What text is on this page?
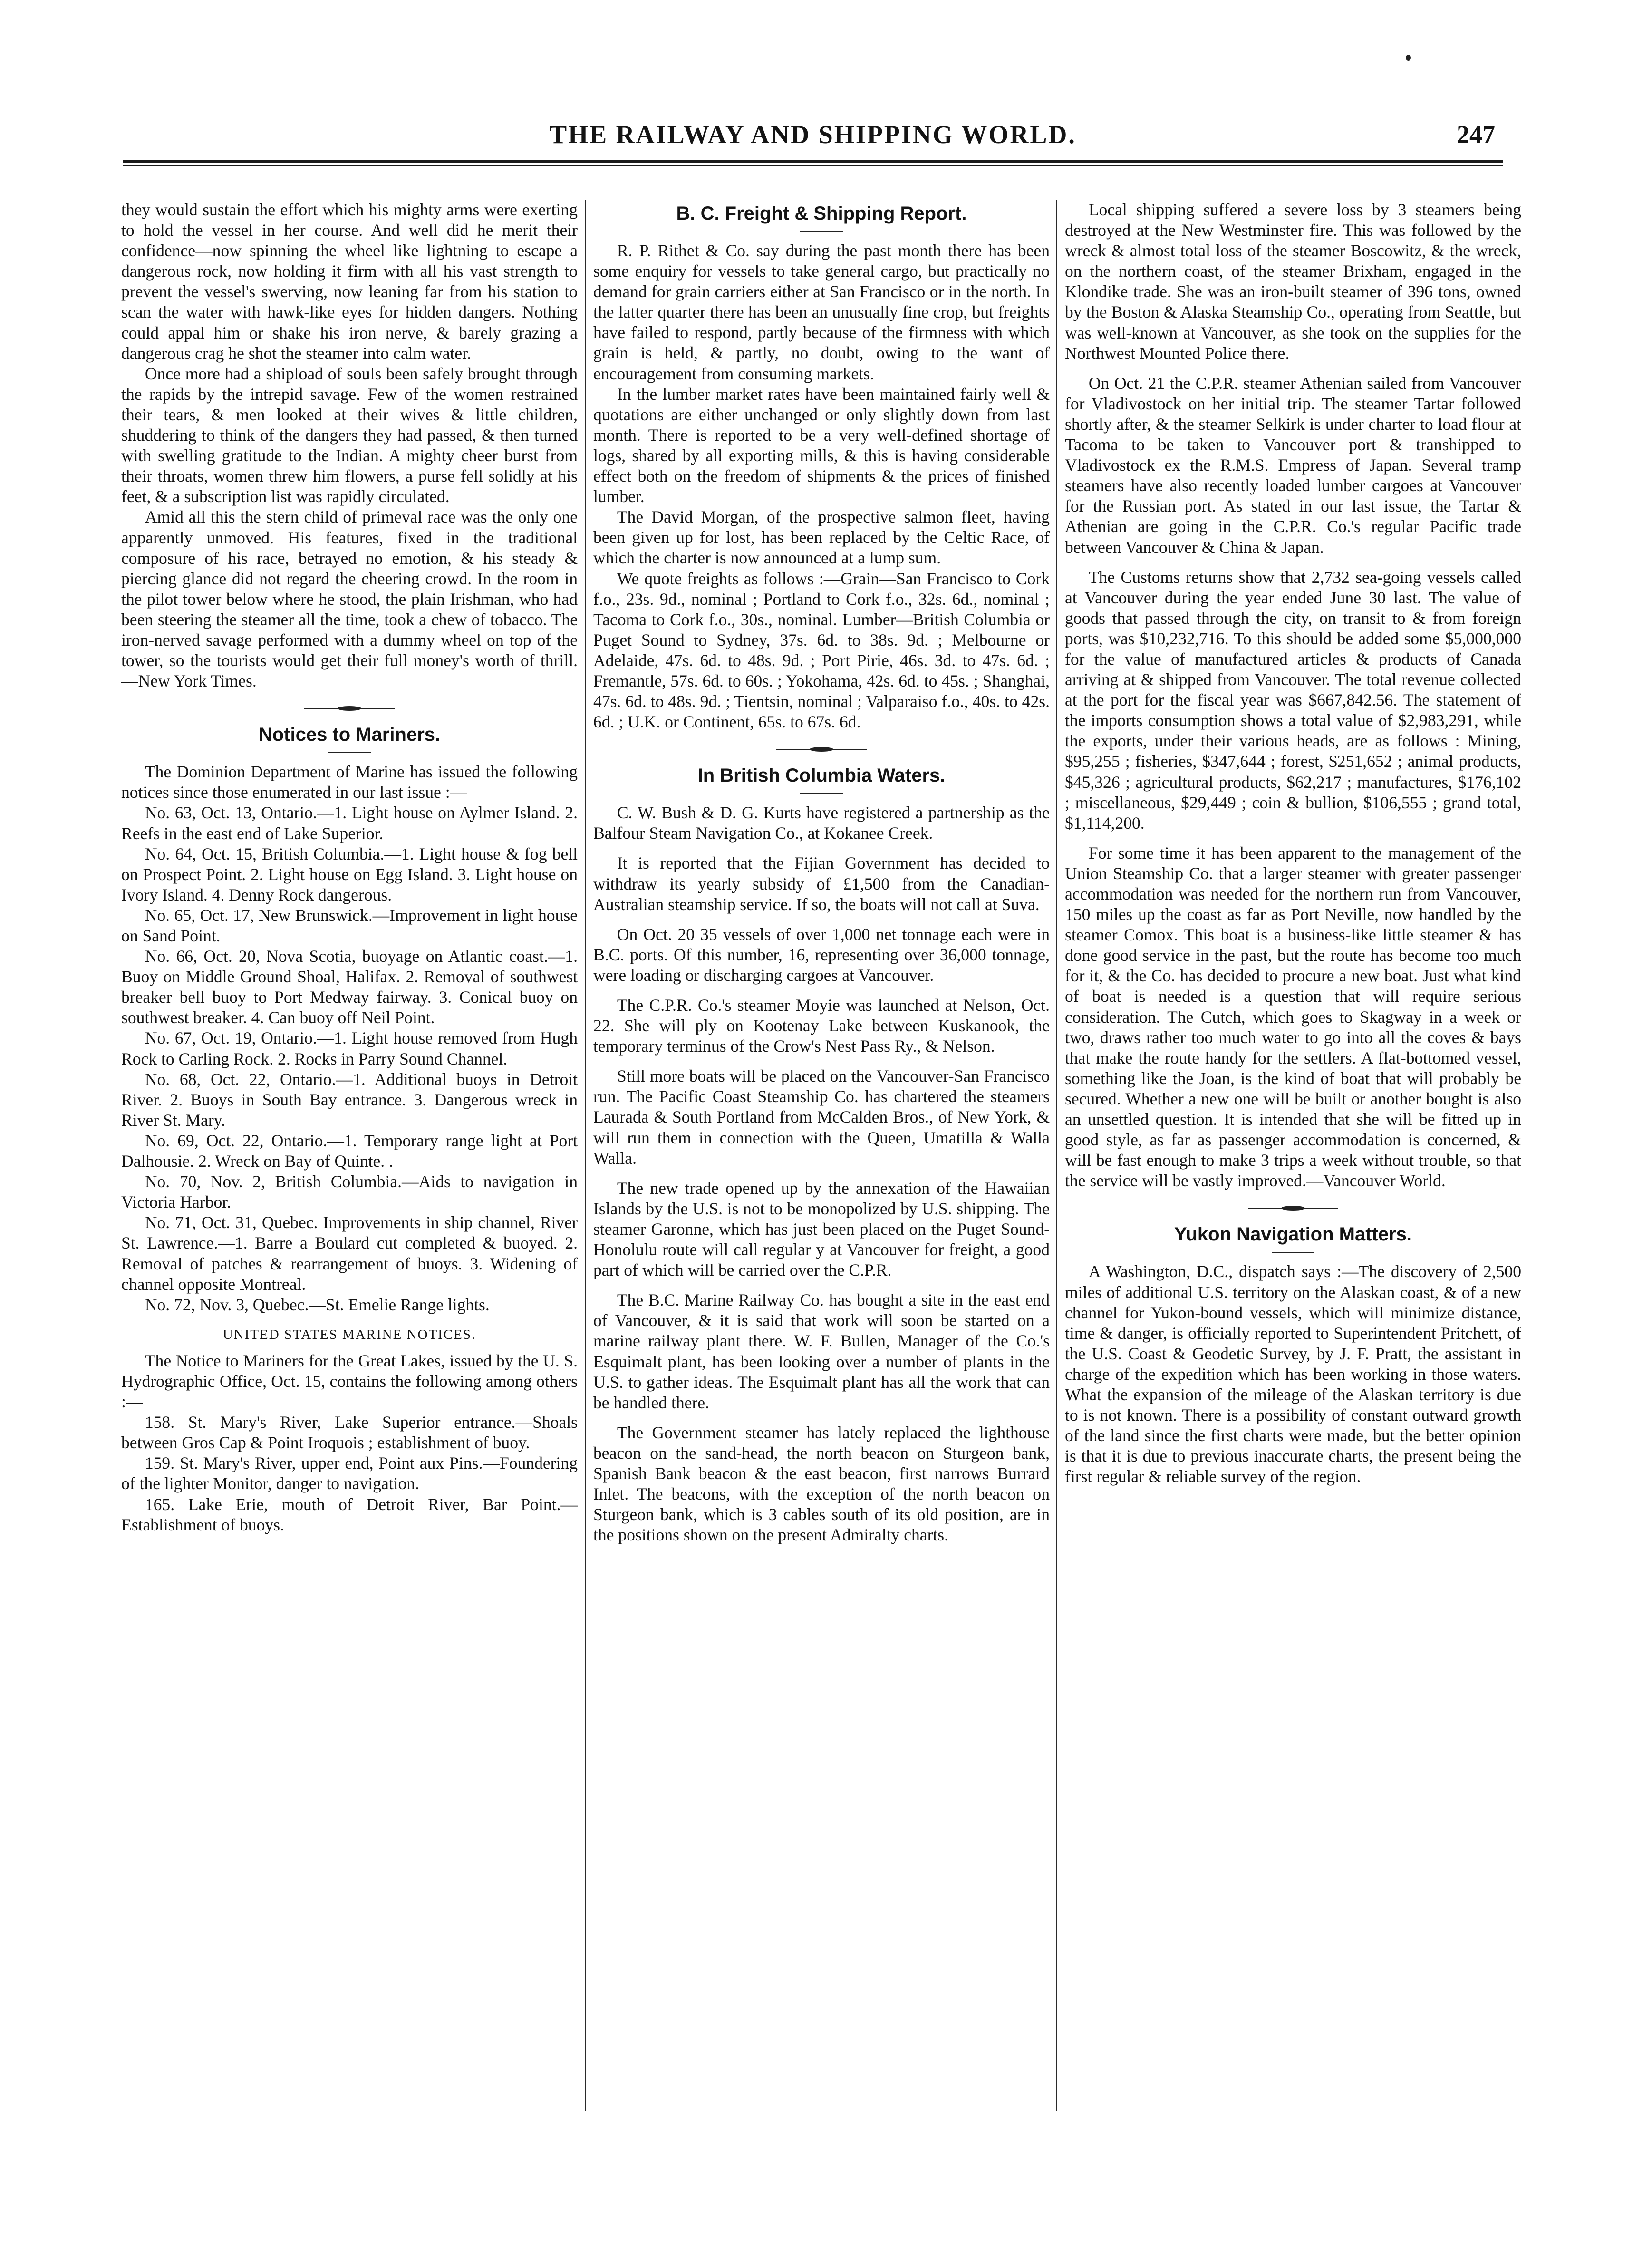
THE RAILWAY AND SHIPPING WORLD.	247

they would sustain the effort which his mighty arms were exerting to hold the vessel in her course. And well did he merit their confidence—now spinning the wheel like lightning to escape a dangerous rock, now holding it firm with all his vast strength to prevent the vessel's swerving, now leaning far from his station to scan the water with hawk-like eyes for hidden dangers. Nothing could appal him or shake his iron nerve, & barely grazing a dangerous crag he shot the steamer into calm water.

Once more had a shipload of souls been safely brought through the rapids by the intrepid savage. Few of the women restrained their tears, & men looked at their wives & little children, shuddering to think of the dangers they had passed, & then turned with swelling gratitude to the Indian. A mighty cheer burst from their throats, women threw him flowers, a purse fell solidly at his feet, & a subscription list was rapidly circulated.

Amid all this the stern child of primeval race was the only one apparently unmoved. His features, fixed in the traditional composure of his race, betrayed no emotion, & his steady & piercing glance did not regard the cheering crowd. In the room in the pilot tower below where he stood, the plain Irishman, who had been steering the steamer all the time, took a chew of tobacco. The iron-nerved savage performed with a dummy wheel on top of the tower, so the tourists would get their full money's worth of thrill. —New York Times.

Notices to Mariners.

The Dominion Department of Marine has issued the following notices since those enumerated in our last issue :—

No. 63, Oct. 13, Ontario.—1. Light house on Aylmer Island. 2. Reefs in the east end of Lake Superior.

No. 64, Oct. 15, British Columbia.—1. Light house & fog bell on Prospect Point. 2. Light house on Egg Island. 3. Light house on Ivory Island. 4. Denny Rock dangerous.

No. 65, Oct. 17, New Brunswick.—Improvement in light house on Sand Point.

No. 66, Oct. 20, Nova Scotia, buoyage on Atlantic coast.—1. Buoy on Middle Ground Shoal, Halifax. 2. Removal of southwest breaker bell buoy to Port Medway fairway. 3. Conical buoy on southwest breaker. 4. Can buoy off Neil Point.

No. 67, Oct. 19, Ontario.—1. Light house removed from Hugh Rock to Carling Rock. 2. Rocks in Parry Sound Channel.

No. 68, Oct. 22, Ontario.—1. Additional buoys in Detroit River. 2. Buoys in South Bay entrance. 3. Dangerous wreck in River St. Mary.

No. 69, Oct. 22, Ontario.—1. Temporary range light at Port Dalhousie. 2. Wreck on Bay of Quinte. .

No. 70, Nov. 2, British Columbia.—Aids to navigation in Victoria Harbor.

No. 71, Oct. 31, Quebec. Improvements in ship channel, River St. Lawrence.—1. Barre a Boulard cut completed & buoyed. 2. Removal of patches & rearrangement of buoys. 3. Widening of channel opposite Montreal.

No. 72, Nov. 3, Quebec.—St. Emelie Range lights.

UNITED STATES MARINE NOTICES.

The Notice to Mariners for the Great Lakes, issued by the U. S. Hydrographic Office, Oct. 15, contains the following among others :—

158. St. Mary's River, Lake Superior entrance.—Shoals between Gros Cap & Point Iroquois ; establishment of buoy.

159. St. Mary's River, upper end, Point aux Pins.—Foundering of the lighter Monitor, danger to navigation.

165. Lake Erie, mouth of Detroit River, Bar Point.—Establishment of buoys.

B. C. Freight & Shipping Report.

R. P. Rithet & Co. say during the past month there has been some enquiry for vessels to take general cargo, but practically no demand for grain carriers either at San Francisco or in the north. In the latter quarter there has been an unusually fine crop, but freights have failed to respond, partly because of the firmness with which grain is held, & partly, no doubt, owing to the want of encouragement from consuming markets.

In the lumber market rates have been maintained fairly well & quotations are either unchanged or only slightly down from last month. There is reported to be a very well-defined shortage of logs, shared by all exporting mills, & this is having considerable effect both on the freedom of shipments & the prices of finished lumber.

The David Morgan, of the prospective salmon fleet, having been given up for lost, has been replaced by the Celtic Race, of which the charter is now announced at a lump sum.

We quote freights as follows :—Grain—San Francisco to Cork f.o., 23s. 9d., nominal ; Portland to Cork f.o., 32s. 6d., nominal ; Tacoma to Cork f.o., 30s., nominal. Lumber—British Columbia or Puget Sound to Sydney, 37s. 6d. to 38s. 9d. ; Melbourne or Adelaide, 47s. 6d. to 48s. 9d. ; Port Pirie, 46s. 3d. to 47s. 6d. ; Fremantle, 57s. 6d. to 60s. ; Yokohama, 42s. 6d. to 45s. ; Shanghai, 47s. 6d. to 48s. 9d. ; Tientsin, nominal ; Valparaiso f.o., 40s. to 42s. 6d. ; U.K. or Continent, 65s. to 67s. 6d.

In British Columbia Waters.

C. W. Bush & D. G. Kurts have registered a partnership as the Balfour Steam Navigation Co., at Kokanee Creek.

It is reported that the Fijian Government has decided to withdraw its yearly subsidy of £1,500 from the Canadian-Australian steamship service. If so, the boats will not call at Suva.

On Oct. 20 35 vessels of over 1,000 net tonnage each were in B.C. ports. Of this number, 16, representing over 36,000 tonnage, were loading or discharging cargoes at Vancouver.

The C.P.R. Co.'s steamer Moyie was launched at Nelson, Oct. 22. She will ply on Kootenay Lake between Kuskanook, the temporary terminus of the Crow's Nest Pass Ry., & Nelson.

Still more boats will be placed on the Vancouver-San Francisco run. The Pacific Coast Steamship Co. has chartered the steamers Laurada & South Portland from McCalden Bros., of New York, & will run them in connection with the Queen, Umatilla & Walla Walla.

The new trade opened up by the annexation of the Hawaiian Islands by the U.S. is not to be monopolized by U.S. shipping. The steamer Garonne, which has just been placed on the Puget Sound-Honolulu route will call regular y at Vancouver for freight, a good part of which will be carried over the C.P.R.

The B.C. Marine Railway Co. has bought a site in the east end of Vancouver, & it is said that work will soon be started on a marine railway plant there. W. F. Bullen, Manager of the Co.'s Esquimalt plant, has been looking over a number of plants in the U.S. to gather ideas. The Esquimalt plant has all the work that can be handled there.

The Government steamer has lately replaced the lighthouse beacon on the sand-head, the north beacon on Sturgeon bank, Spanish Bank beacon & the east beacon, first narrows Burrard Inlet. The beacons, with the exception of the north beacon on Sturgeon bank, which is 3 cables south of its old position, are in the positions shown on the present Admiralty charts.

Local shipping suffered a severe loss by 3 steamers being destroyed at the New Westminster fire. This was followed by the wreck & almost total loss of the steamer Boscowitz, & the wreck, on the northern coast, of the steamer Brixham, engaged in the Klondike trade. She was an iron-built steamer of 396 tons, owned by the Boston & Alaska Steamship Co., operating from Seattle, but was well-known at Vancouver, as she took on the supplies for the Northwest Mounted Police there.

On Oct. 21 the C.P.R. steamer Athenian sailed from Vancouver for Vladivostock on her initial trip. The steamer Tartar followed shortly after, & the steamer Selkirk is under charter to load flour at Tacoma to be taken to Vancouver port & transhipped to Vladivostock ex the R.M.S. Empress of Japan. Several tramp steamers have also recently loaded lumber cargoes at Vancouver for the Russian port. As stated in our last issue, the Tartar & Athenian are going in the C.P.R. Co.'s regular Pacific trade between Vancouver & China & Japan.

The Customs returns show that 2,732 sea-going vessels called at Vancouver during the year ended June 30 last. The value of goods that passed through the city, on transit to & from foreign ports, was $10,232,716. To this should be added some $5,000,000 for the value of manufactured articles & products of Canada arriving at & shipped from Vancouver. The total revenue collected at the port for the fiscal year was $667,842.56. The statement of the imports consumption shows a total value of $2,983,291, while the exports, under their various heads, are as follows : Mining, $95,255 ; fisheries, $347,644 ; forest, $251,652 ; animal products, $45,326 ; agricultural products, $62,217 ; manufactures, $176,102 ; miscellaneous, $29,449 ; coin & bullion, $106,555 ; grand total, $1,114,200.

For some time it has been apparent to the management of the Union Steamship Co. that a larger steamer with greater passenger accommodation was needed for the northern run from Vancouver, 150 miles up the coast as far as Port Neville, now handled by the steamer Comox. This boat is a business-like little steamer & has done good service in the past, but the route has become too much for it, & the Co. has decided to procure a new boat. Just what kind of boat is needed is a question that will require serious consideration. The Cutch, which goes to Skagway in a week or two, draws rather too much water to go into all the coves & bays that make the route handy for the settlers. A flat-bottomed vessel, something like the Joan, is the kind of boat that will probably be secured. Whether a new one will be built or another bought is also an unsettled question. It is intended that she will be fitted up in good style, as far as passenger accommodation is concerned, & will be fast enough to make 3 trips a week without trouble, so that the service will be vastly improved.—Vancouver World.

Yukon Navigation Matters.

A Washington, D.C., dispatch says :—The discovery of 2,500 miles of additional U.S. territory on the Alaskan coast, & of a new channel for Yukon-bound vessels, which will minimize distance, time & danger, is officially reported to Superintendent Pritchett, of the U.S. Coast & Geodetic Survey, by J. F. Pratt, the assistant in charge of the expedition which has been working in those waters. What the expansion of the mileage of the Alaskan territory is due to is not known. There is a possibility of constant outward growth of the land since the first charts were made, but the better opinion is that it is due to previous inaccurate charts, the present being the first regular & reliable survey of the region.
